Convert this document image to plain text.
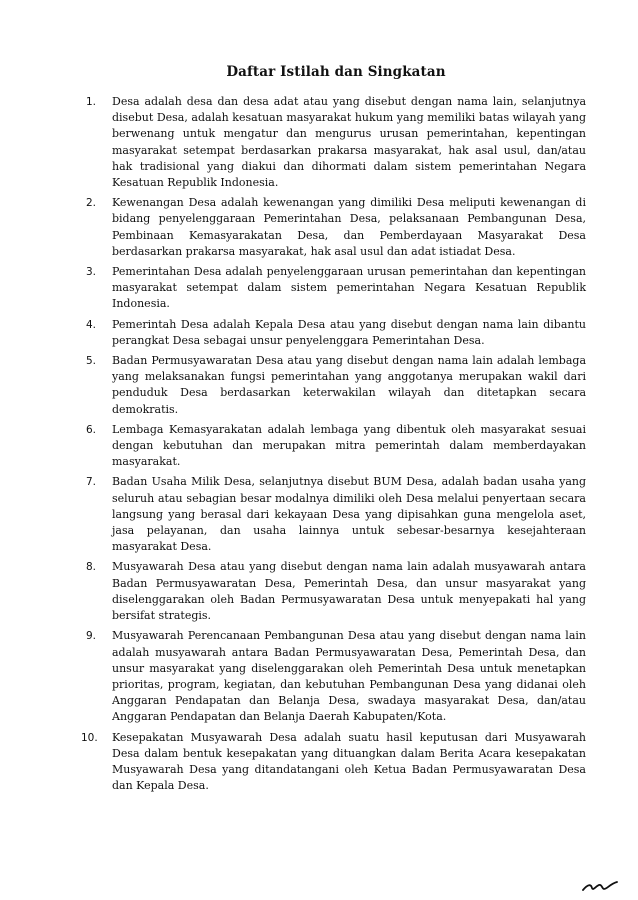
Daftar Istilah dan Singkatan
1.	Desa adalah desa dan desa adat atau yang disebut dengan nama lain, selanjutnya disebut Desa, adalah kesatuan masyarakat hukum yang memiliki batas wilayah yang berwenang untuk mengatur dan mengurus urusan pemerintahan, kepentingan masyarakat setempat berdasarkan prakarsa masyarakat, hak asal usul, dan/atau hak tradisional yang diakui dan dihormati dalam sistem pemerintahan Negara Kesatuan Republik Indonesia.

2.	Kewenangan Desa adalah kewenangan yang dimiliki Desa meliputi kewenangan di bidang penyelenggaraan Pemerintahan Desa, pelaksanaan Pembangunan Desa, Pembinaan Kemasyarakatan Desa, dan Pemberdayaan Masyarakat Desa berdasarkan prakarsa masyarakat, hak asal usul dan adat istiadat Desa.

3.	Pemerintahan Desa adalah penyelenggaraan urusan pemerintahan dan kepentingan masyarakat setempat dalam sistem pemerintahan Negara Kesatuan Republik Indonesia.

4.	Pemerintah Desa adalah Kepala Desa atau yang disebut dengan nama lain dibantu perangkat Desa sebagai unsur penyelenggara Pemerintahan Desa.

5.	Badan Permusyawaratan Desa atau yang disebut dengan nama lain adalah lembaga yang melaksanakan fungsi pemerintahan yang anggotanya merupakan wakil dari penduduk Desa berdasarkan keterwakilan wilayah dan ditetapkan secara demokratis.

6.	Lembaga Kemasyarakatan adalah lembaga yang dibentuk oleh masyarakat sesuai dengan kebutuhan dan merupakan mitra pemerintah dalam memberdayakan masyarakat.

7.	Badan Usaha Milik Desa, selanjutnya disebut BUM Desa, adalah badan usaha yang seluruh atau sebagian besar modalnya dimiliki oleh Desa melalui penyertaan secara langsung yang berasal dari kekayaan Desa yang dipisahkan guna mengelola aset, jasa pelayanan, dan usaha lainnya untuk sebesar-besarnya kesejahteraan masyarakat Desa.

8.	Musyawarah Desa atau yang disebut dengan nama lain adalah musyawarah antara Badan Permusyawaratan Desa, Pemerintah Desa, dan unsur masyarakat yang diselenggarakan oleh Badan Permusyawaratan Desa untuk menyepakati hal yang bersifat strategis.

9.	Musyawarah Perencanaan Pembangunan Desa atau yang disebut dengan nama lain adalah musyawarah antara Badan Permusyawaratan Desa, Pemerintah Desa, dan unsur masyarakat yang diselenggarakan oleh Pemerintah Desa untuk menetapkan prioritas, program, kegiatan, dan kebutuhan Pembangunan Desa yang didanai oleh Anggaran Pendapatan dan Belanja Desa, swadaya masyarakat Desa, dan/atau Anggaran Pendapatan dan Belanja Daerah Kabupaten/Kota.

10.	Kesepakatan Musyawarah Desa adalah suatu hasil keputusan dari Musyawarah Desa dalam bentuk kesepakatan yang dituangkan dalam Berita Acara kesepakatan Musyawarah Desa yang ditandatangani oleh Ketua Badan Permusyawaratan Desa dan Kepala Desa.
